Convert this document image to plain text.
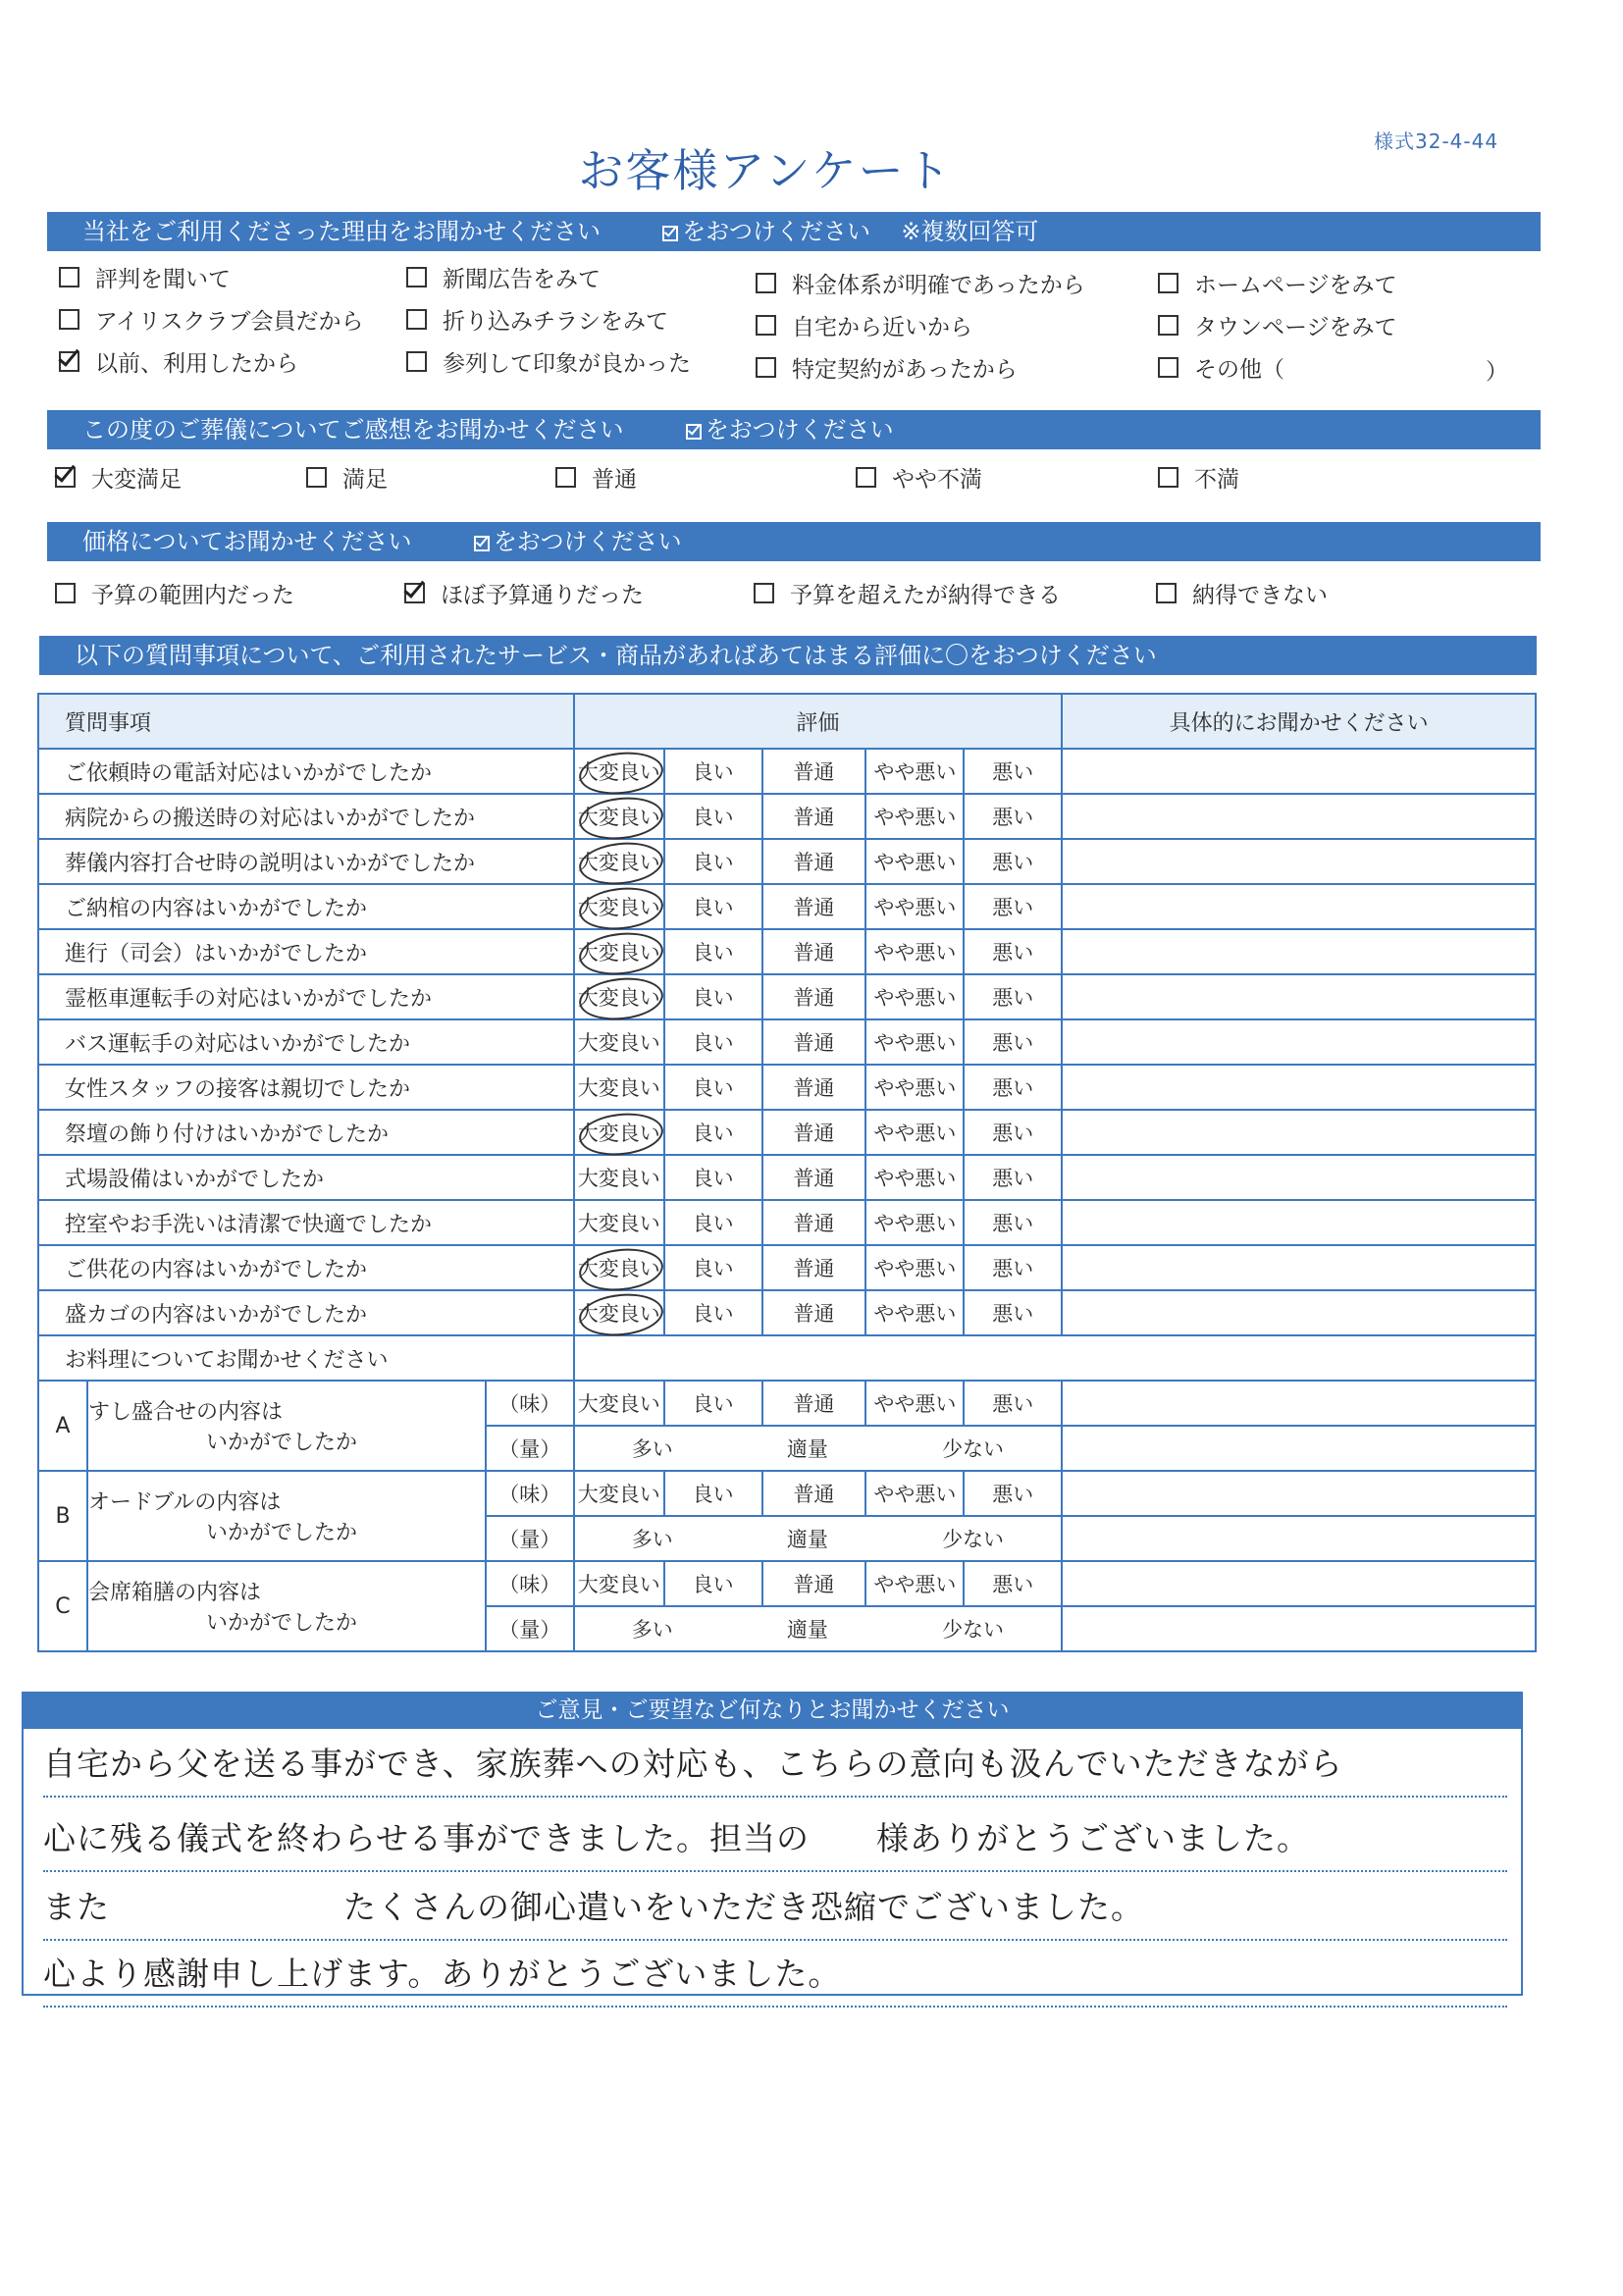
様式32-4-44
お客様アンケート
当社をご利用くださった理由をお聞かせください	をおつけください ※複数回答可
）
この度のご葬儀についてご感想をお聞かせください	をおつけください
価格についてお聞かせください	をおつけください
以下の質問事項について、ご利用されたサービス・商品があればあてはまる評価に〇をおつけください
質問事項			評価					具体的にお聞かせください
ご依頼時の電話対応はいかがでしたか			大変良い	良い	普通	やや悪い	悪い	
病院からの搬送時の対応はいかがでしたか			大変良い	良い	普通	やや悪い	悪い	
葬儀内容打合せ時の説明はいかがでしたか			大変良い	良い	普通	やや悪い	悪い	
ご納棺の内容はいかがでしたか			大変良い	良い	普通	やや悪い	悪い	
進行（司会）はいかがでしたか			大変良い	良い	普通	やや悪い	悪い	
霊柩車運転手の対応はいかがでしたか			大変良い	良い	普通	やや悪い	悪い	
バス運転手の対応はいかがでしたか			大変良い	良い	普通	やや悪い	悪い	
女性スタッフの接客は親切でしたか			大変良い	良い	普通	やや悪い	悪い	
祭壇の飾り付けはいかがでしたか			大変良い	良い	普通	やや悪い	悪い	
式場設備はいかがでしたか			大変良い	良い	普通	やや悪い	悪い	
控室やお手洗いは清潔で快適でしたか			大変良い	良い	普通	やや悪い	悪い	
ご供花の内容はいかがでしたか			大変良い	良い	普通	やや悪い	悪い	
盛カゴの内容はいかがでしたか			大変良い	良い	普通	やや悪い	悪い	
お料理についてお聞かせください								
A	すし盛合せの内容は
いかがでしたか	（味）	大変良い	良い	普通	やや悪い	悪い	
		（量）	多い 適量 少ない					

B	オードブルの内容は
いかがでしたか	（味）	大変良い	良い	普通	やや悪い	悪い	
		（量）	多い 適量 少ない					

C	会席箱膳の内容は
いかがでしたか	（味）	大変良い	良い	普通	やや悪い	悪い	
		（量）	多い 適量 少ない					

ご意見・ご要望など何なりとお聞かせください
評判を聞いて
アイリスクラブ会員だから
以前、利用したから
新聞広告をみて
折り込みチラシをみて
参列して印象が良かった
料金体系が明確であったから
自宅から近いから
特定契約があったから
ホームページをみて
タウンページをみて
その他（
大変満足	満足	普通	やや不満	不満
予算の範囲内だった	ほぼ予算通りだった	予算を超えたが納得できる	納得できない
自宅から父を送る事ができ、家族葬への対応も、こちらの意向も汲んでいただきながら
心に残る儀式を終わらせる事ができました。担当の　　様ありがとうございました。
また　　　　　　　たくさんの御心遣いをいただき恐縮でございました。
心より感謝申し上げます。ありがとうございました。
